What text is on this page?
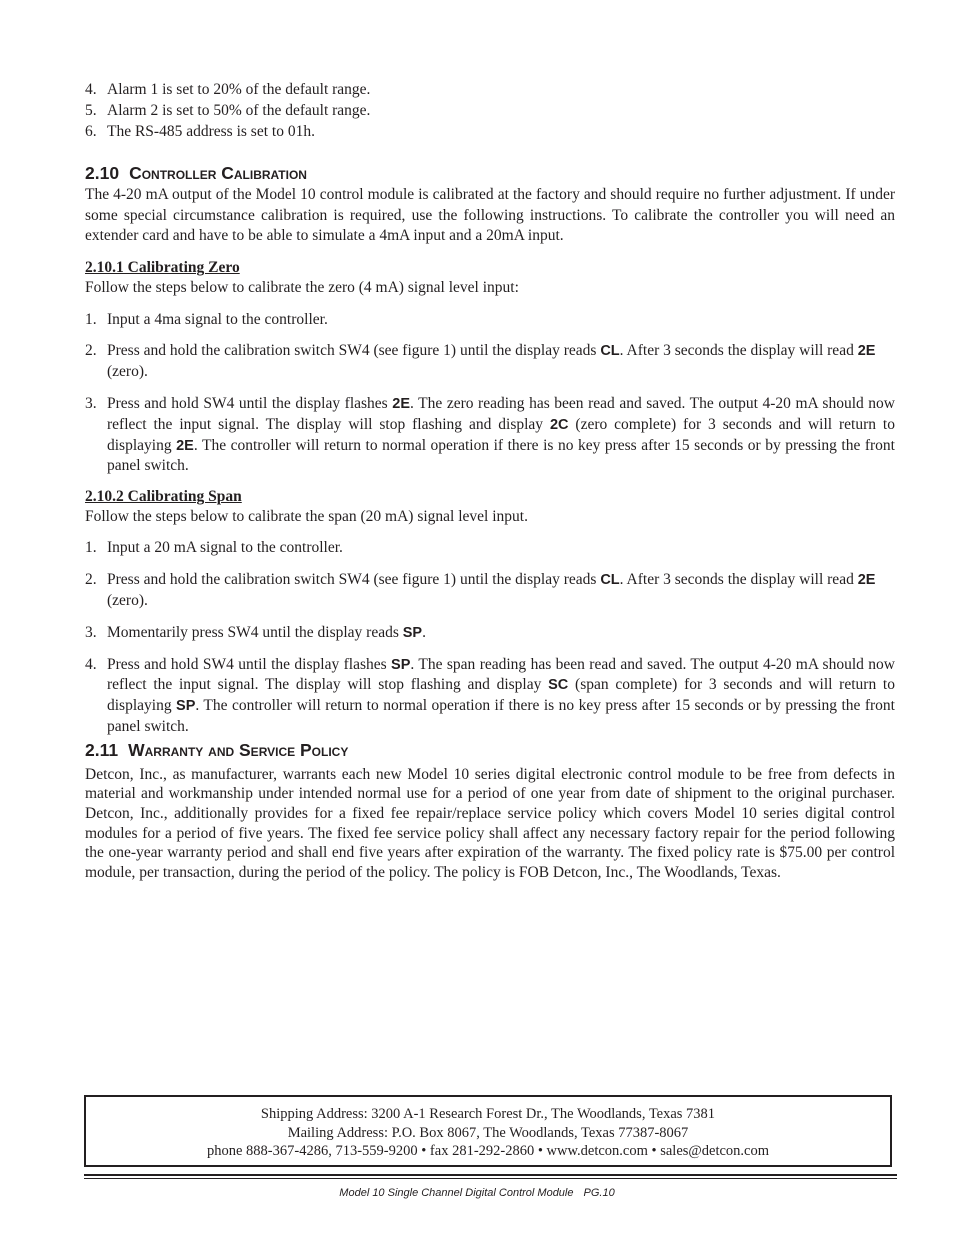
4. Alarm 1 is set to 20% of the default range.
5. Alarm 2 is set to 50% of the default range.
6. The RS-485 address is set to 01h.
2.10 Controller Calibration

The 4-20 mA output of the Model 10 control module is calibrated at the factory and should require no further adjustment. If under some special circumstance calibration is required, use the following instructions. To calibrate the controller you will need an extender card and have to be able to simulate a 4mA input and a 20mA input.

2.10.1 Calibrating Zero

Follow the steps below to calibrate the zero (4 mA) signal level input:

1. Input a 4ma signal to the controller.
2. Press and hold the calibration switch SW4 (see figure 1) until the display reads CL. After 3 seconds the display will read 2E (zero).
3. Press and hold SW4 until the display flashes 2E. The zero reading has been read and saved. The output 4-20 mA should now reflect the input signal. The display will stop flashing and display 2C (zero complete) for 3 seconds and will return to displaying 2E. The controller will return to normal operation if there is no key press after 15 seconds or by pressing the front panel switch.
2.10.2 Calibrating Span

Follow the steps below to calibrate the span (20 mA) signal level input.

1. Input a 20 mA signal to the controller.
2. Press and hold the calibration switch SW4 (see figure 1) until the display reads CL. After 3 seconds the display will read 2E (zero).
3. Momentarily press SW4 until the display reads SP.
4. Press and hold SW4 until the display flashes SP. The span reading has been read and saved. The output 4-20 mA should now reflect the input signal. The display will stop flashing and display SC (span complete) for 3 seconds and will return to displaying SP. The controller will return to normal operation if there is no key press after 15 seconds or by pressing the front panel switch.
2.11 Warranty and Service Policy

Detcon, Inc., as manufacturer, warrants each new Model 10 series digital electronic control module to be free from defects in material and workmanship under intended normal use for a period of one year from date of shipment to the original purchaser. Detcon, Inc., additionally provides for a fixed fee repair/replace service policy which covers Model 10 series digital control modules for a period of five years. The fixed fee service policy shall affect any necessary factory repair for the period following the one-year warranty period and shall end five years after expiration of the warranty. The fixed policy rate is $75.00 per control module, per transaction, during the period of the policy. The policy is FOB Detcon, Inc., The Woodlands, Texas.

Shipping Address: 3200 A-1 Research Forest Dr., The Woodlands, Texas 7381
Mailing Address: P.O. Box 8067, The Woodlands, Texas 77387-8067
phone 888-367-4286, 713-559-9200 • fax 281-292-2860 • www.detcon.com • sales@detcon.com
Model 10 Single Channel Digital Control Module PG.10
